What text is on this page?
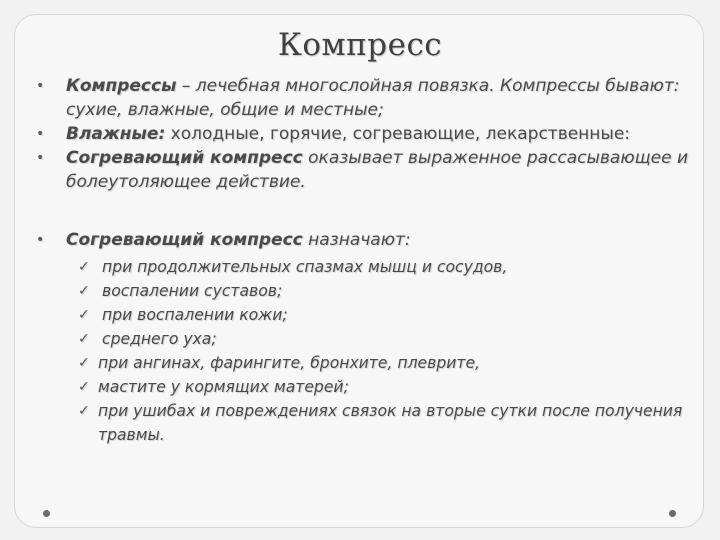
Компресс
• Компрессы – лечебная многослойная повязка. Компрессы бывают: сухие, влажные, общие и местные;
• Влажные: холодные, горячие, согревающие, лекарственные:
• Согревающий компресс оказывает выраженное рассасывающее и болеутоляющее действие.
• Согревающий компресс назначают:
✓ при продолжительных спазмах мышц и сосудов,
✓ воспалении суставов;
✓ при воспалении кожи;
✓ среднего уха;
✓ при ангинах, фарингите, бронхите, плеврите,
✓ мастите у кормящих матерей;
✓ при ушибах и повреждениях связок на вторые сутки после получения травмы.
